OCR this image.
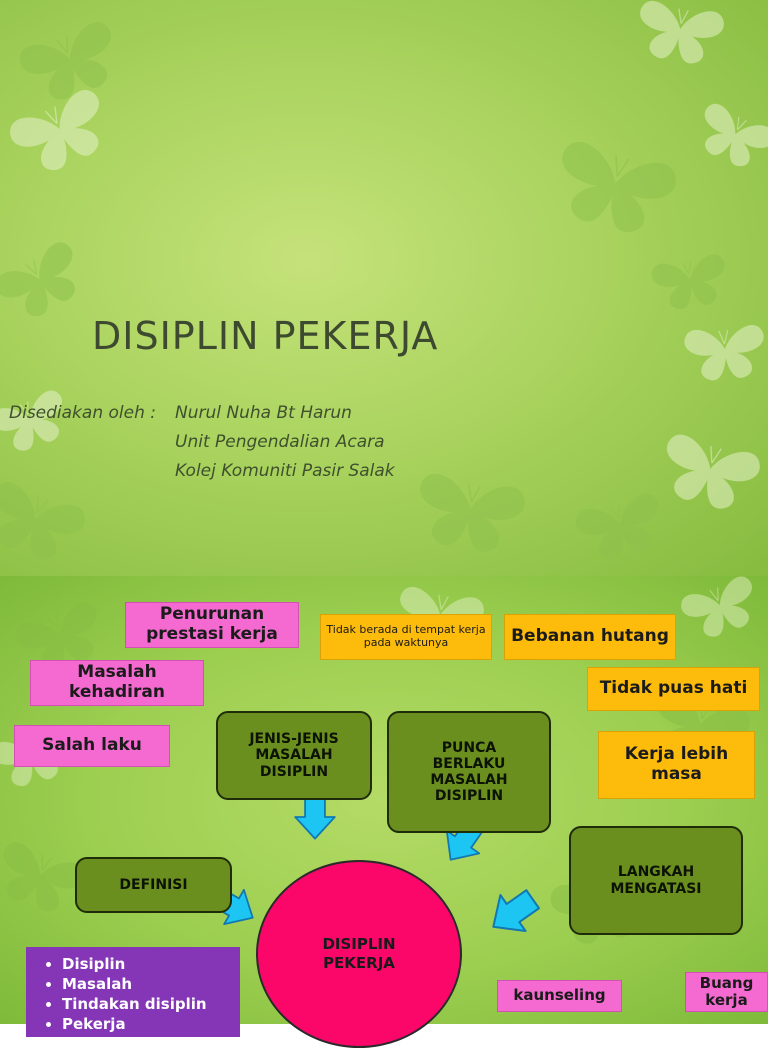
DISIPLIN PEKERJA
Disediakan oleh : Nurul Nuha Bt Harun
Unit Pengendalian Acara
Kolej Komuniti Pasir Salak
Penurunan prestasi kerja
Masalah kehadiran
Salah laku
Tidak berada di tempat kerja pada waktunya	Bebanan hutang
Tidak puas hati
Kerja lebih masa
JENIS-JENIS MASALAH DISIPLIN
PUNCA BERLAKU MASALAH DISIPLIN
LANGKAH MENGATASI
DEFINISI
DISIPLIN PEKERJA
• Disiplin
• Masalah
• Tindakan disiplin
• Pekerja
kaunseling
Buang kerja
